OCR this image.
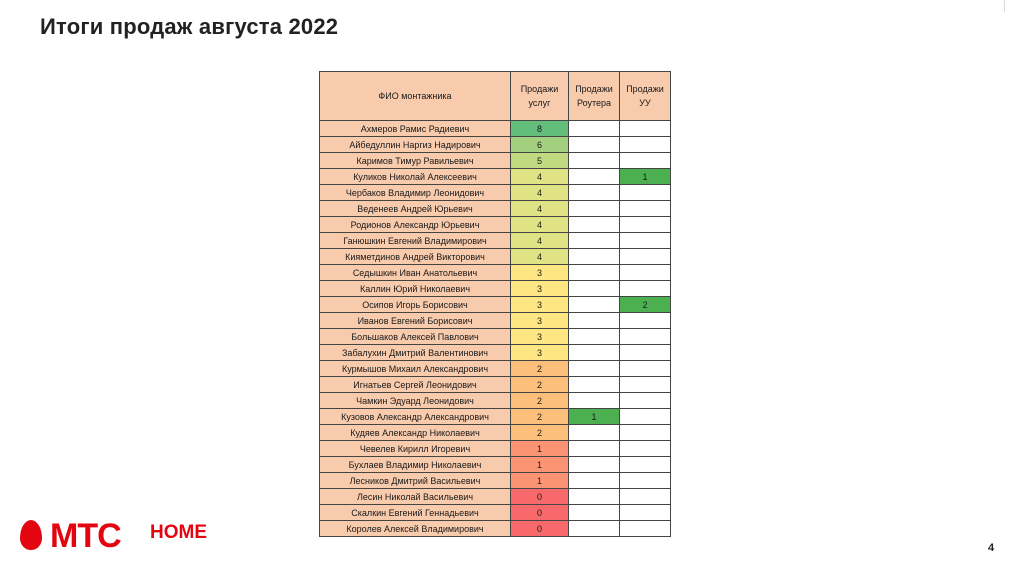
Итоги продаж августа 2022
ФИО монтажника	Продажи услуг	Продажи Роутера	Продажи УУ
Ахмеров Рамис Радиевич	8		
Айбедуллин Наргиз Надирович	6		
Каримов Тимур Равильевич	5		
Куликов Николай Алексеевич	4		1
Чербаков Владимир Леонидович	4		
Веденеев Андрей Юрьевич	4		
Родионов Александр Юрьевич	4		
Ганюшкин Евгений Владимирович	4		
Кияметдинов Андрей Викторович	4		
Седышкин Иван Анатольевич	3		
Каллин Юрий Николаевич	3		
Осипов Игорь Борисович	3		2
Иванов Евгений Борисович	3		
Большаков Алексей Павлович	3		
Забалухин Дмитрий Валентинович	3		
Курмышов Михаил Александрович	2		
Игнатьев Сергей Леонидович	2		
Чамкин Эдуард Леонидович	2		
Кузовов Александр Александрович	2	1	
Кудяев Александр Николаевич	2		
Чевелев Кирилл Игоревич	1		
Бухлаев Владимир Николаевич	1		
Лесников Дмитрий Васильевич	1		
Лесин Николай Васильевич	0		
Скалкин Евгений Геннадьевич	0		
Королев Алексей Владимирович	0		
МТС HOME
4
